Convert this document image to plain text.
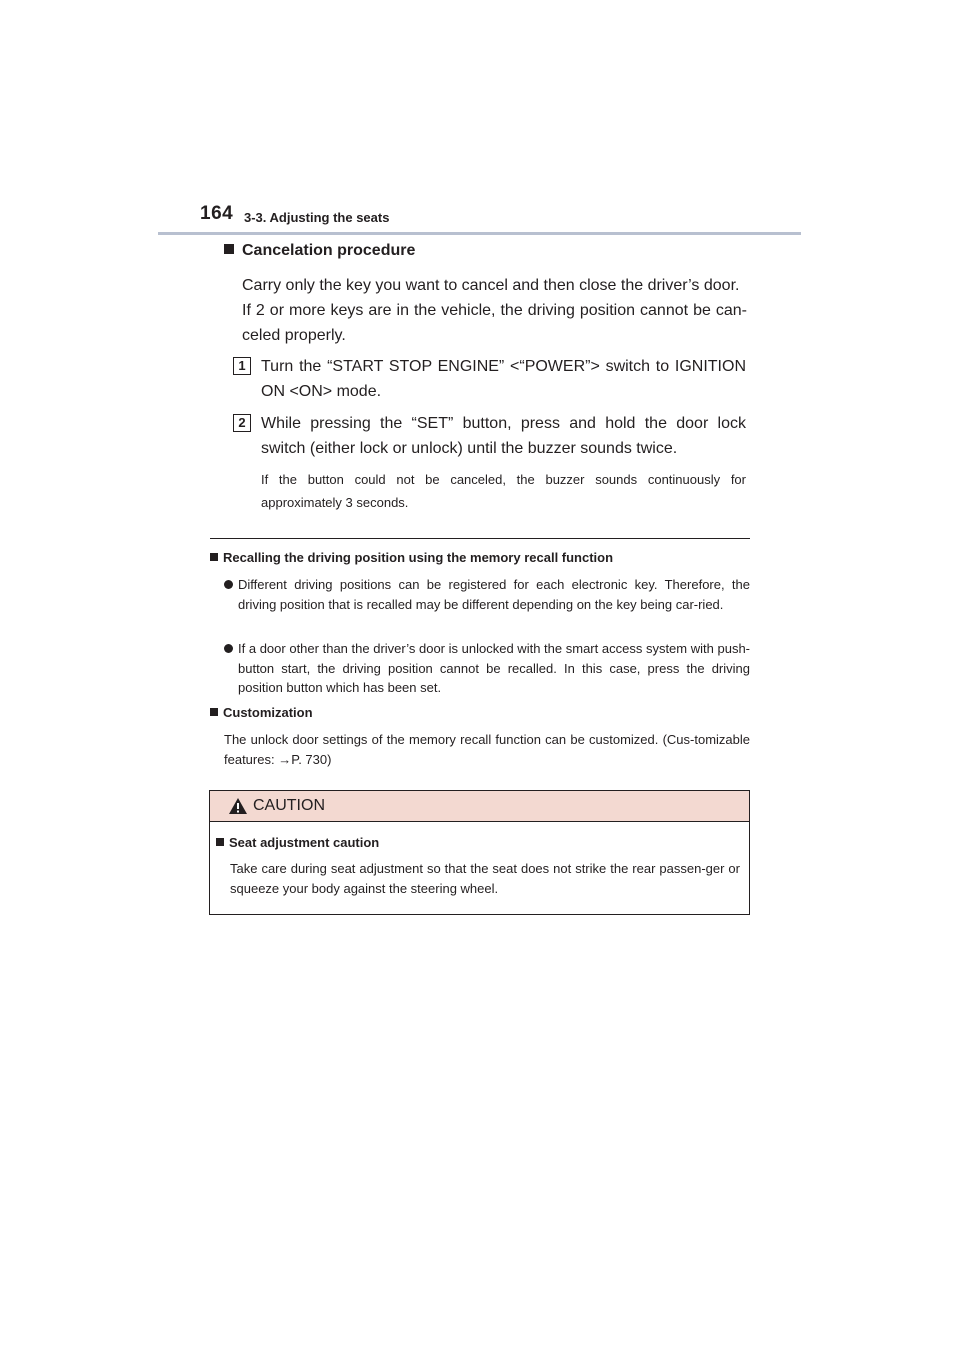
164 3-3. Adjusting the seats
Cancelation procedure
Carry only the key you want to cancel and then close the driver’s door.
If 2 or more keys are in the vehicle, the driving position cannot be can-celed properly.
1 Turn the “START STOP ENGINE” <“POWER”> switch to IGNITION ON <ON> mode.
2 While pressing the “SET” button, press and hold the door lock switch (either lock or unlock) until the buzzer sounds twice.
If the button could not be canceled, the buzzer sounds continuously for approximately 3 seconds.
Recalling the driving position using the memory recall function
Different driving positions can be registered for each electronic key. Therefore, the driving position that is recalled may be different depending on the key being car-ried.
If a door other than the driver’s door is unlocked with the smart access system with push-button start, the driving position cannot be recalled. In this case, press the driving position button which has been set.
Customization
The unlock door settings of the memory recall function can be customized. (Cus-tomizable features: →P. 730)
CAUTION
Seat adjustment caution
Take care during seat adjustment so that the seat does not strike the rear passen-ger or squeeze your body against the steering wheel.
